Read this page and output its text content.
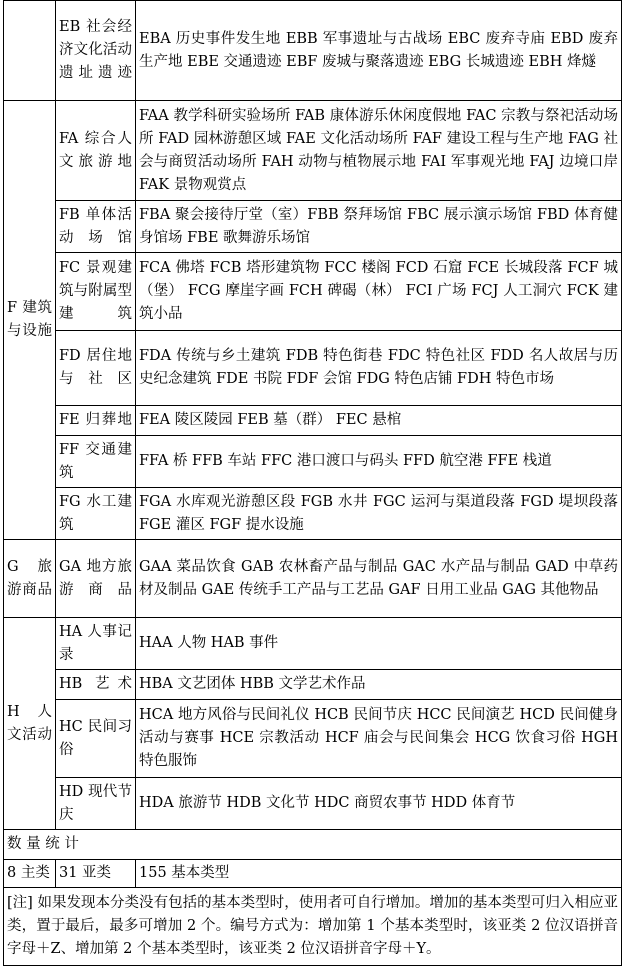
	EB 社会经济文化活动遗址遗迹	EBA 历史事件发生地 EBB 军事遗址与古战场 EBC 废弃寺庙 EBD 废弃生产地 EBE 交通遗迹 EBF 废城与聚落遗迹 EBG 长城遗迹 EBH 烽燧
F 建筑与设施	FA 综合人文旅游地	FAA 教学科研实验场所 FAB 康体游乐休闲度假地 FAC 宗教与祭祀活动场所 FAD 园林游憩区域 FAE 文化活动场所 FAF 建设工程与生产地 FAG 社会与商贸活动场所 FAH 动物与植物展示地 FAI 军事观光地 FAJ 边境口岸 FAK 景物观赏点
	FB 单体活动场馆	FBA 聚会接待厅堂（室）FBB 祭拜场馆 FBC 展示演示场馆 FBD 体育健身馆场 FBE 歌舞游乐场馆
	FC 景观建筑与附属型建筑	FCA 佛塔 FCB 塔形建筑物 FCC 楼阁 FCD 石窟 FCE 长城段落 FCF 城（堡） FCG 摩崖字画 FCH 碑碣（林） FCI 广场 FCJ 人工洞穴 FCK 建筑小品
	FD 居住地与社区	FDA 传统与乡土建筑 FDB 特色街巷 FDC 特色社区 FDD 名人故居与历史纪念建筑 FDE 书院 FDF 会馆 FDG 特色店铺 FDH 特色市场
	FE 归葬地	FEA 陵区陵园 FEB 墓（群） FEC 悬棺
	FF 交通建筑	FFA 桥 FFB 车站 FFC 港口渡口与码头 FFD 航空港 FFE 栈道
	FG 水工建筑	FGA 水库观光游憩区段 FGB 水井 FGC 运河与渠道段落 FGD 堤坝段落 FGE 灌区 FGF 提水设施
G 旅游商品	GA 地方旅游商品	GAA 菜品饮食 GAB 农林畜产品与制品 GAC 水产品与制品 GAD 中草药材及制品 GAE 传统手工产品与工艺品 GAF 日用工业品 GAG 其他物品
H 人文活动	HA 人事记录	HAA 人物 HAB 事件
	HB 艺术	HBA 文艺团体 HBB 文学艺术作品
	HC 民间习俗	HCA 地方风俗与民间礼仪 HCB 民间节庆 HCC 民间演艺 HCD 民间健身活动与赛事 HCE 宗教活动 HCF 庙会与民间集会 HCG 饮食习俗 HGH 特色服饰
	HD 现代节庆	HDA 旅游节 HDB 文化节 HDC 商贸农事节 HDD 体育节
数 量 统 计		
8 主类	31 亚类	155 基本类型
[注] 如果发现本分类没有包括的基本类型时，使用者可自行增加。增加的基本类型可归入相应亚类，置于最后，最多可增加 2 个。编号方式为：增加第 1 个基本类型时，该亚类 2 位汉语拼音字母＋Z、增加第 2 个基本类型时，该亚类 2 位汉语拼音字母＋Y。		
